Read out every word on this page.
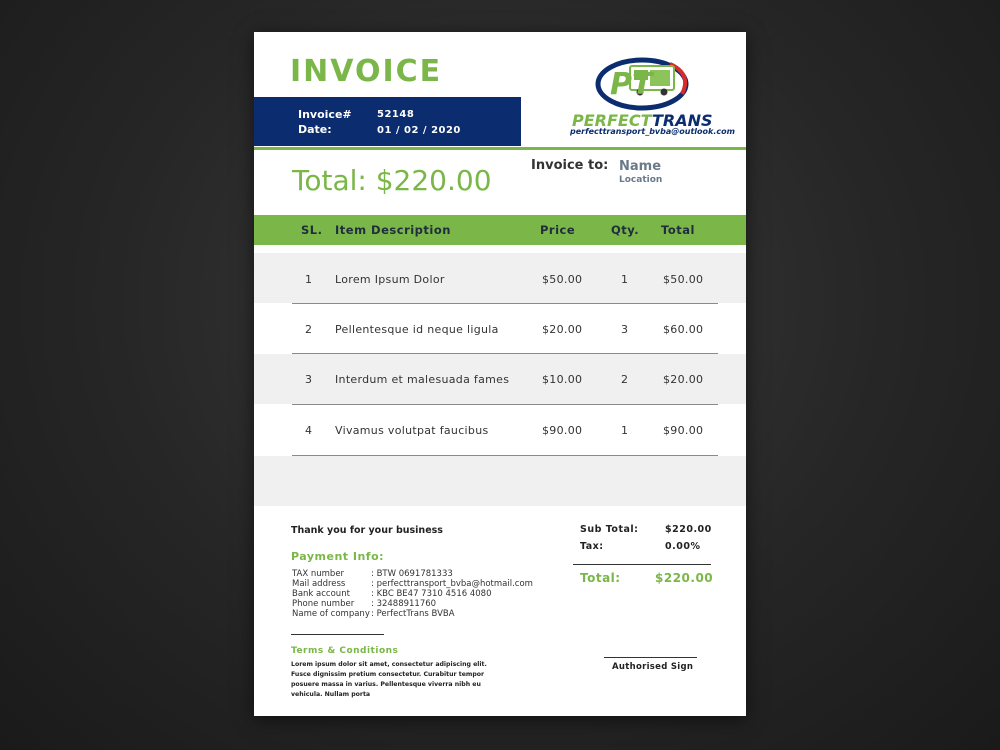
INVOICE
Invoice#	52148
Date:	01 / 02 / 2020
PT
PERFECT TRANS
perfecttransport_bvba@outlook.com
Total: $220.00	Invoice to: Name
Location
SL. Item Description	Price	Qty. Total
1 Lorem Ipsum Dolor	$50.00	1	$50.00
2 Pellentesque id neque ligula	$20.00	3	$60.00
3 Interdum et malesuada fames	$10.00	2	$20.00
4 Vivamus volutpat faucibus	$90.00	1	$90.00
Thank you for your business
Payment Info:
TAX number	: BTW 0691781333
Mail address	: perfecttransport_bvba@hotmail.com
Bank account : KBC BE47 7310 4516 4080
Phone number : 32488911760
Name of company : PerfectTrans BVBA
Terms & Conditions
Lorem ipsum dolor sit amet, consectetur adipiscing elit. Fusce dignissim pretium consectetur. Curabitur tempor posuere massa in varius. Pellentesque viverra nibh eu vehicula. Nullam porta
Sub Total:	$220.00
Tax:	0.00%
Total:	$220.00
Authorised Sign
